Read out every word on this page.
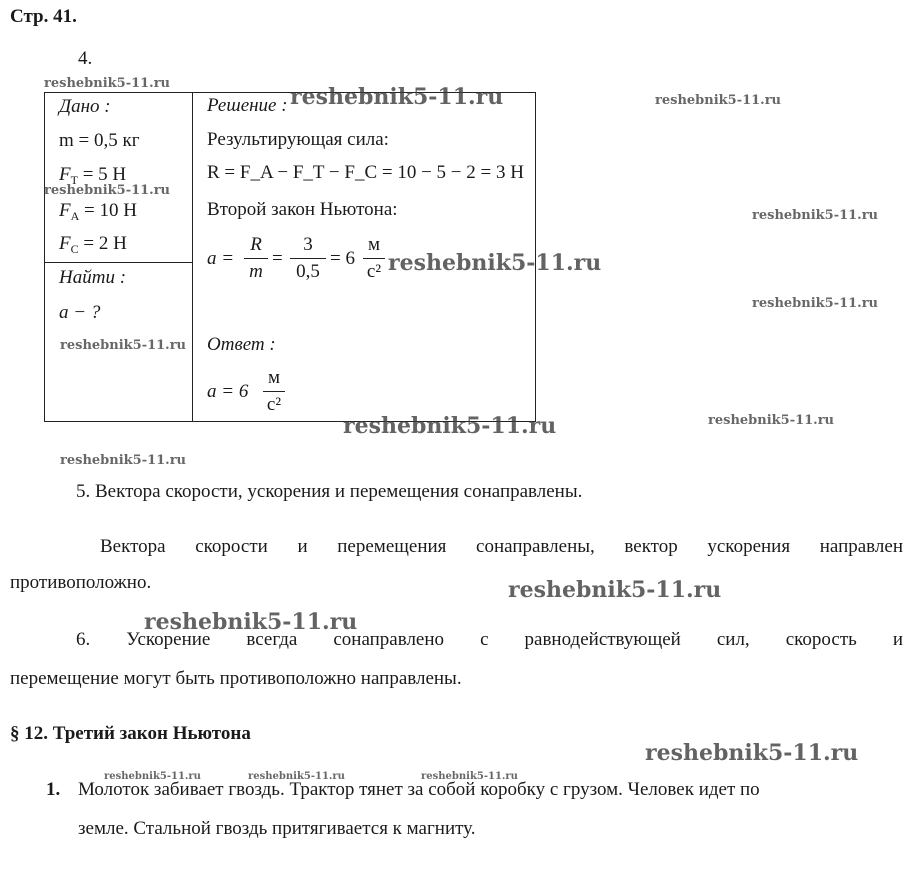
Стр. 41.
4.
Дано :
m = 0,5 кг
$F_T = 5$ Н
$F_A = 10$ Н
$F_C = 2$ Н
Найти :
a − ?
Решение :
Результирующая сила:
R = F_A − F_T − F_C = 10 − 5 − 2 = 3 Н
Второй закон Ньютона:
a =
R
m
=
3
0,5
= 6
м
с²
Ответ :
a = 6
м
с²
5. Вектора скорости, ускорения и перемещения сонаправлены.
Вектора скорости и перемещения сонаправлены, вектор ускорения направлен
противоположно.
6. Ускорение всегда сонаправлено с равнодействующей сил, скорость и
перемещение могут быть противоположно направлены.
§ 12. Третий закон Ньютона
1. Молоток забивает гвоздь. Трактор тянет за собой коробку с грузом. Человек идет по
земле. Стальной гвоздь притягивается к магниту.
reshebnik5-11.ru
reshebnik5-11.ru	reshebnik5-11.ru
reshebnik5-11.ru
reshebnik5-11.ru
reshebnik5-11.ru
reshebnik5-11.ru
reshebnik5-11.ru
reshebnik5-11.ru	reshebnik5-11.ru
reshebnik5-11.ru
reshebnik5-11.ru
reshebnik5-11.ru
reshebnik5-11.ru
reshebnik5-11.ru	reshebnik5-11.ru	reshebnik5-11.ru
